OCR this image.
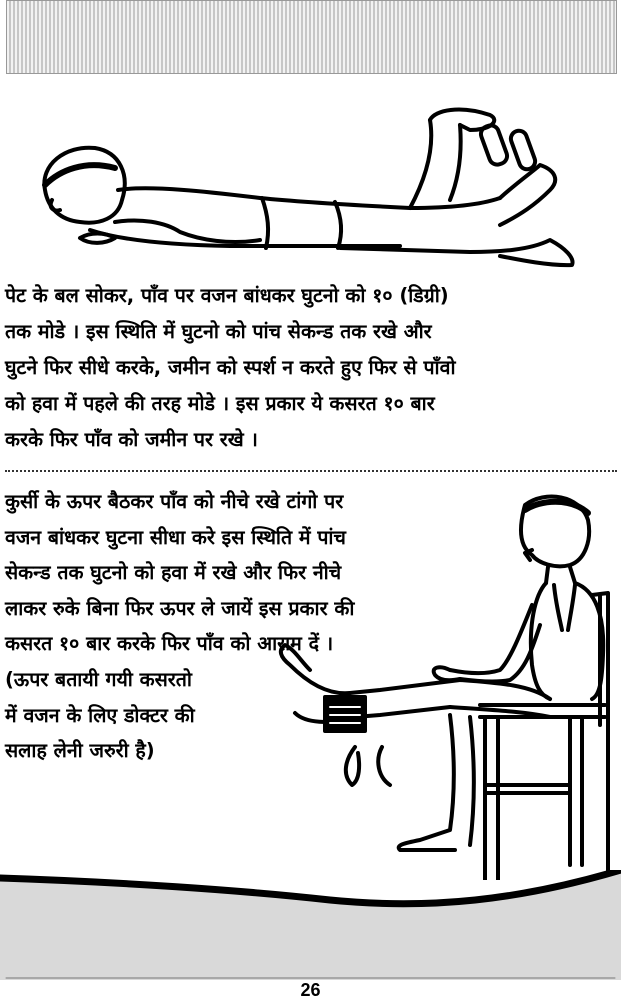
पेट के बल सोकर, पाँव पर वजन बांधकर घुटनो को १० (डिग्री)
तक मोडे । इस स्थिति में घुटनो को पांच सेकन्ड तक रखे और
घुटने फिर सीधे करके, जमीन को स्पर्श न करते हुए फिर से पाँवो
को हवा में पहले की तरह मोडे । इस प्रकार ये कसरत १० बार
करके फिर पाँव को जमीन पर रखे ।

कुर्सी के ऊपर बैठकर पाँव को नीचे रखे टांगो पर
वजन बांधकर घुटना सीधा करे इस स्थिति में पांच
सेकन्ड तक घुटनो को हवा में रखे और फिर नीचे
लाकर रुके बिना फिर ऊपर ले जायें इस प्रकार की
कसरत १० बार करके फिर पाँव को आराम दें ।

(ऊपर बतायी गयी कसरतो
में वजन के लिए डोक्टर की
सलाह लेनी जरुरी है)

26
